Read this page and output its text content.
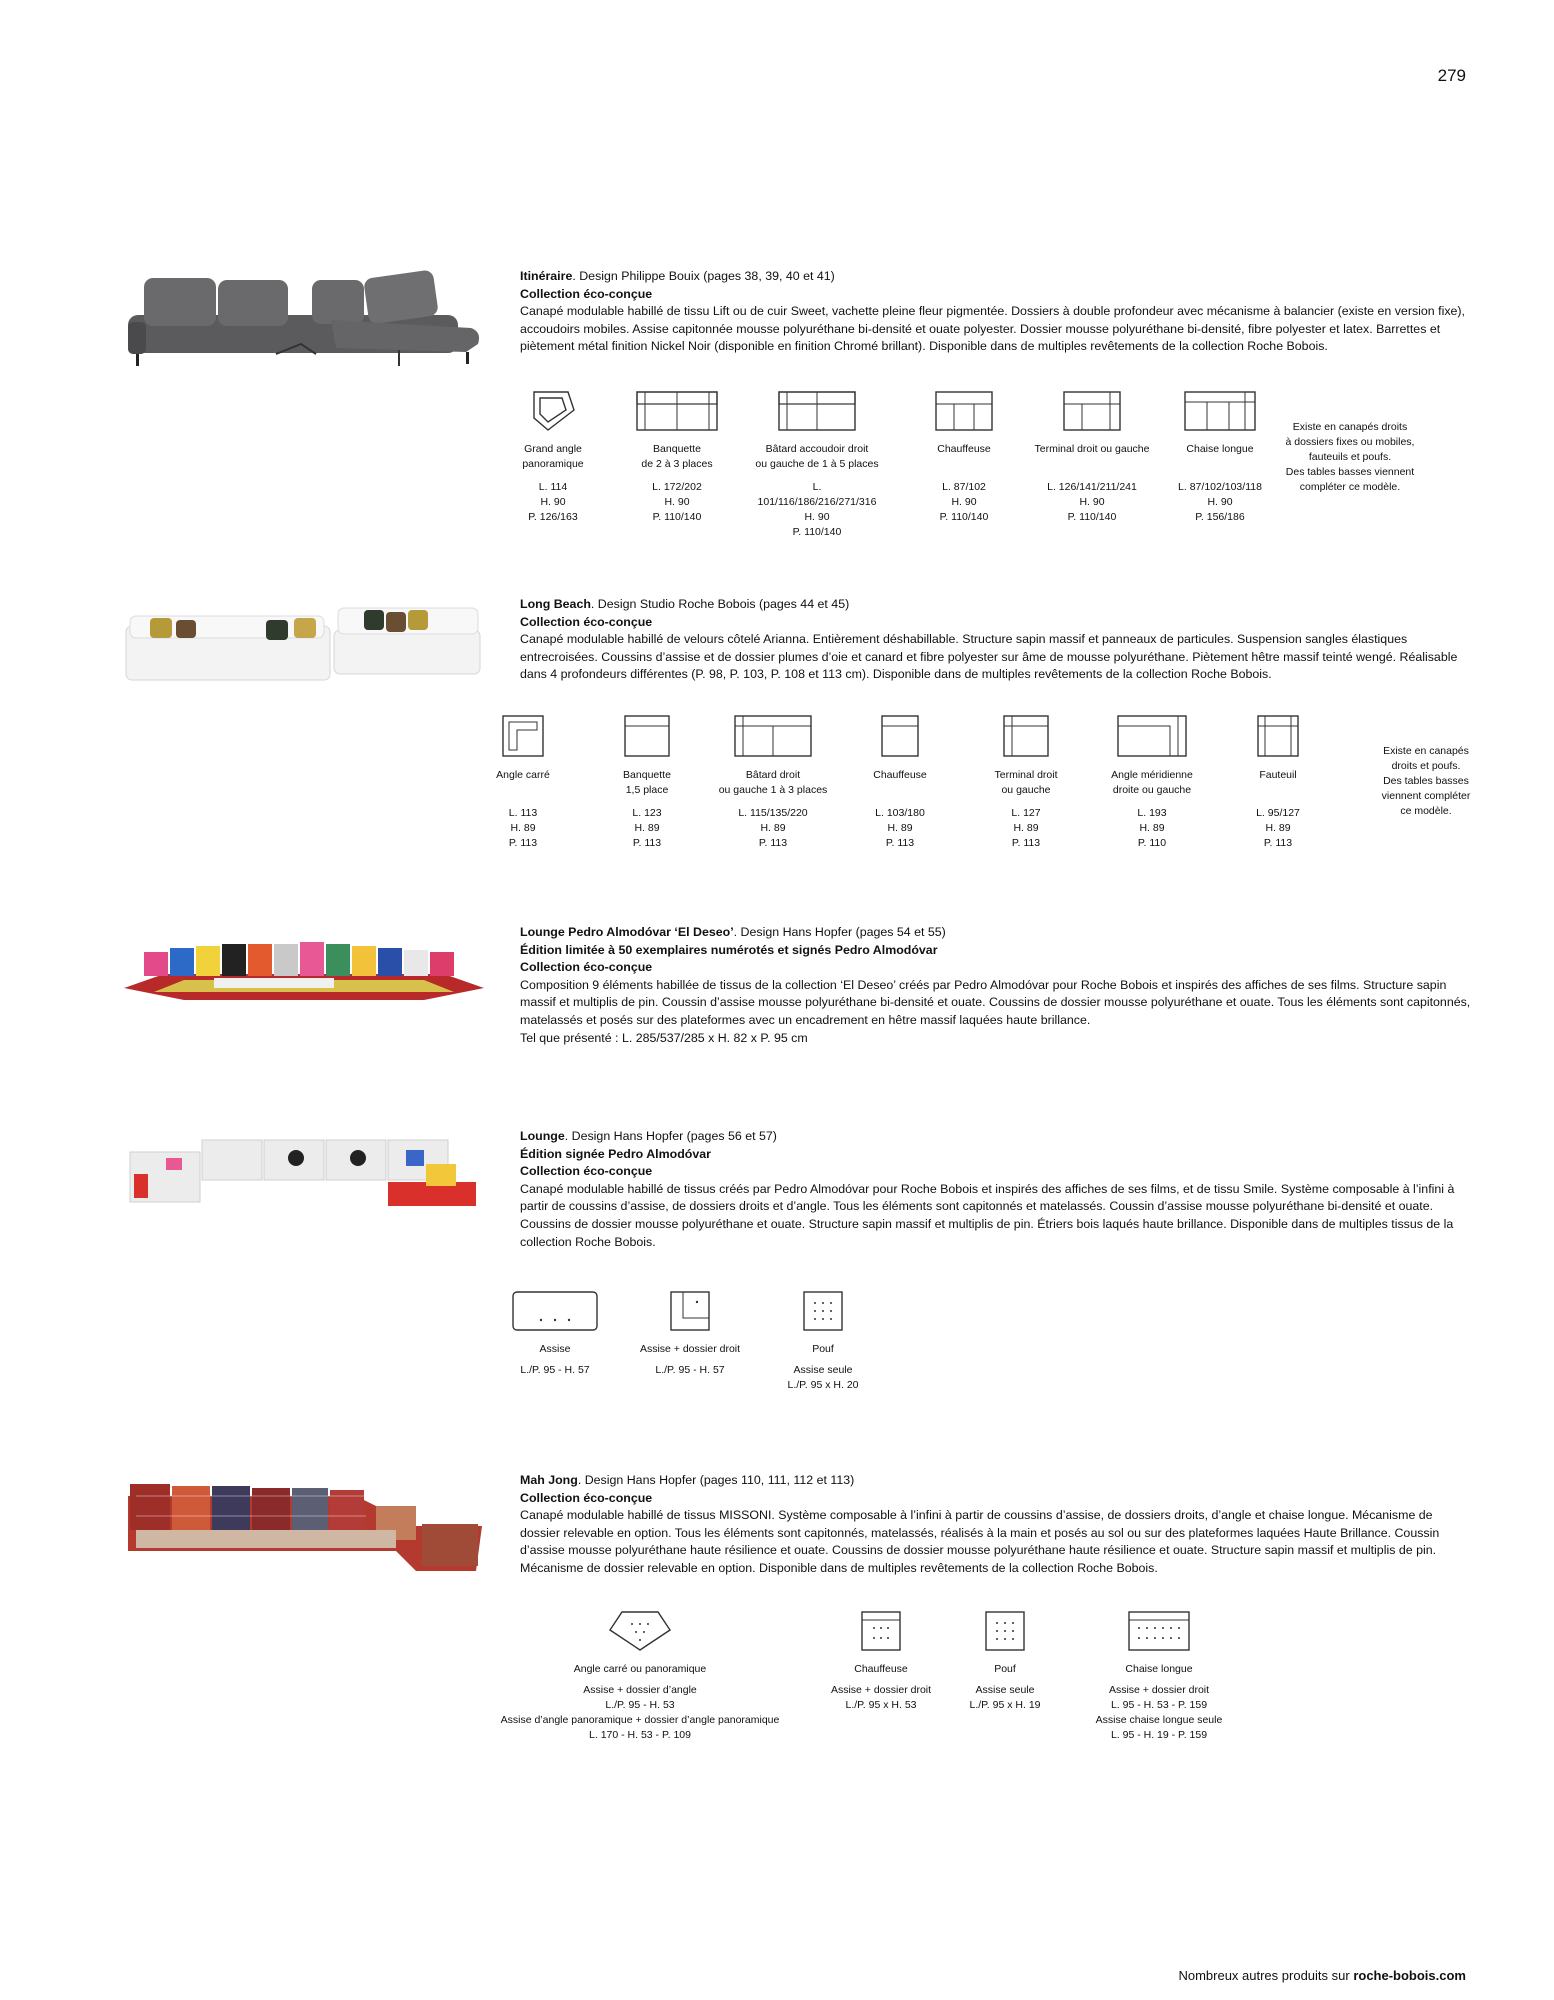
279

Itinéraire. Design Philippe Bouix (pages 38, 39, 40 et 41)

Collection éco-conçue

Canapé modulable habillé de tissu Lift ou de cuir Sweet, vachette pleine fleur pigmentée. Dossiers à double profondeur avec mécanisme à balancier (existe en version fixe), accoudoirs mobiles. Assise capitonnée mousse polyuréthane bi-densité et ouate polyester. Dossier mousse polyuréthane bi-densité, fibre polyester et latex. Barrettes et piètement métal finition Nickel Noir (disponible en finition Chromé brillant). Disponible dans de multiples revêtements de la collection Roche Bobois.

Grand angle
panoramique
L. 114
H. 90
P. 126/163
Banquette
de 2 à 3 places
L. 172/202
H. 90
P. 110/140
Bâtard accoudoir droit
ou gauche de 1 à 5 places
L. 101/116/186/216/271/316
H. 90
P. 110/140
Chauffeuse
L. 87/102
H. 90
P. 110/140
Terminal droit ou gauche
L. 126/141/211/241
H. 90
P. 110/140
Chaise longue
L. 87/102/103/118
H. 90
P. 156/186
Existe en canapés droits
à dossiers fixes ou mobiles,
fauteuils et poufs.
Des tables basses viennent
compléter ce modèle.

Long Beach. Design Studio Roche Bobois (pages 44 et 45)

Collection éco-conçue

Canapé modulable habillé de velours côtelé Arianna. Entièrement déshabillable. Structure sapin massif et panneaux de particules. Suspension sangles élastiques entrecroisées. Coussins d’assise et de dossier plumes d’oie et canard et fibre polyester sur âme de mousse polyuréthane. Piètement hêtre massif teinté wengé. Réalisable dans 4 profondeurs différentes (P. 98, P. 103, P. 108 et 113 cm). Disponible dans de multiples revêtements de la collection Roche Bobois.

Angle carré
L. 113
H. 89
P. 113
Banquette
1,5 place
L. 123
H. 89
P. 113
Bâtard droit
ou gauche 1 à 3 places
L. 115/135/220
H. 89
P. 113
Chauffeuse
L. 103/180
H. 89
P. 113
Terminal droit
ou gauche
L. 127
H. 89
P. 113
Angle méridienne
droite ou gauche
L. 193
H. 89
P. 110
Fauteuil
L. 95/127
H. 89
P. 113
Existe en canapés
droits et poufs.
Des tables basses
viennent compléter
ce modèle.

Lounge Pedro Almodóvar ‘El Deseo’. Design Hans Hopfer (pages 54 et 55)

Édition limitée à 50 exemplaires numérotés et signés Pedro Almodóvar

Collection éco-conçue

Composition 9 éléments habillée de tissus de la collection ‘El Deseo’ créés par Pedro Almodóvar pour Roche Bobois et inspirés des affiches de ses films. Structure sapin massif et multiplis de pin. Coussin d’assise mousse polyuréthane bi-densité et ouate. Coussins de dossier mousse polyuréthane et ouate. Tous les éléments sont capitonnés, matelassés et posés sur des plateformes avec un encadrement en hêtre massif laquées haute brillance.

Tel que présenté : L. 285/537/285 x H. 82 x P. 95 cm

Lounge. Design Hans Hopfer (pages 56 et 57)

Édition signée Pedro Almodóvar

Collection éco-conçue

Canapé modulable habillé de tissus créés par Pedro Almodóvar pour Roche Bobois et inspirés des affiches de ses films, et de tissu Smile. Système composable à l’infini à partir de coussins d’assise, de dossiers droits et d’angle. Tous les éléments sont capitonnés et matelassés. Coussin d’assise mousse polyuréthane bi-densité et ouate. Coussins de dossier mousse polyuréthane et ouate. Structure sapin massif et multiplis de pin. Étriers bois laqués haute brillance. Disponible dans de multiples tissus de la collection Roche Bobois.

Assise
L./P. 95 - H. 57
Assise + dossier droit
L./P. 95 - H. 57
Pouf
Assise seule
L./P. 95 x H. 20

Mah Jong. Design Hans Hopfer (pages 110, 111, 112 et 113)

Collection éco-conçue

Canapé modulable habillé de tissus MISSONI. Système composable à l’infini à partir de coussins d’assise, de dossiers droits, d’angle et chaise longue. Mécanisme de dossier relevable en option. Tous les éléments sont capitonnés, matelassés, réalisés à la main et posés au sol ou sur des plateformes laquées Haute Brillance. Coussin d’assise mousse polyuréthane haute résilience et ouate. Coussins de dossier mousse polyuréthane haute résilience et ouate. Structure sapin massif et multiplis de pin. Mécanisme de dossier relevable en option. Disponible dans de multiples revêtements de la collection Roche Bobois.

Angle carré ou panoramique
Assise + dossier d’angle
L./P. 95 - H. 53
Assise d’angle panoramique + dossier d’angle panoramique
L. 170 - H. 53 - P. 109
Chauffeuse
Assise + dossier droit
L./P. 95 x H. 53
Pouf
Assise seule
L./P. 95 x H. 19
Chaise longue
Assise + dossier droit
L. 95 - H. 53 - P. 159
Assise chaise longue seule
L. 95 - H. 19 - P. 159
Nombreux autres produits sur roche-bobois.com
